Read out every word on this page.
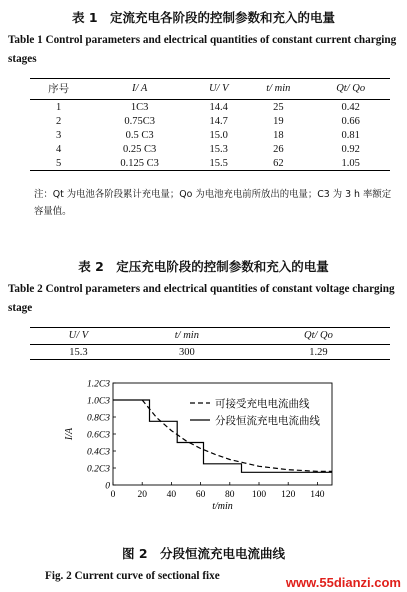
表 1　定流充电各阶段的控制参数和充入的电量
Table 1 Control parameters and electrical quantities of constant current charging stages
序号	I/ A	U/ V	t/ min	Qt/ Qo
1	1C3	14.4	25	0.42
2	0.75C3	14.7	19	0.66
3	0.5 C3	15.0	18	0.81
4	0.25 C3	15.3	26	0.92
5	0.125 C3	15.5	62	1.05
注：Qt 为电池各阶段累计充电量；Qo 为电池充电前所放出的电量；C3 为 3 h 率额定容量值。
表 2　定压充电阶段的控制参数和充入的电量
Table 2 Control parameters and electrical quantities of constant voltage charging stage
U/ V	t/ min	Qt/ Qo
15.3	300	1.29
0 20 40 60 80 100 120 140
0
0.2C3
0.4C3
0.6C3
0.8C3
1.0C3
1.2C3
t/min
I/A
可接受充电电流曲线
分段恒流充电电流曲线
图 2　分段恒流充电电流曲线
Fig. 2 Current curve of sectional fixe	www.55dianzi.com
